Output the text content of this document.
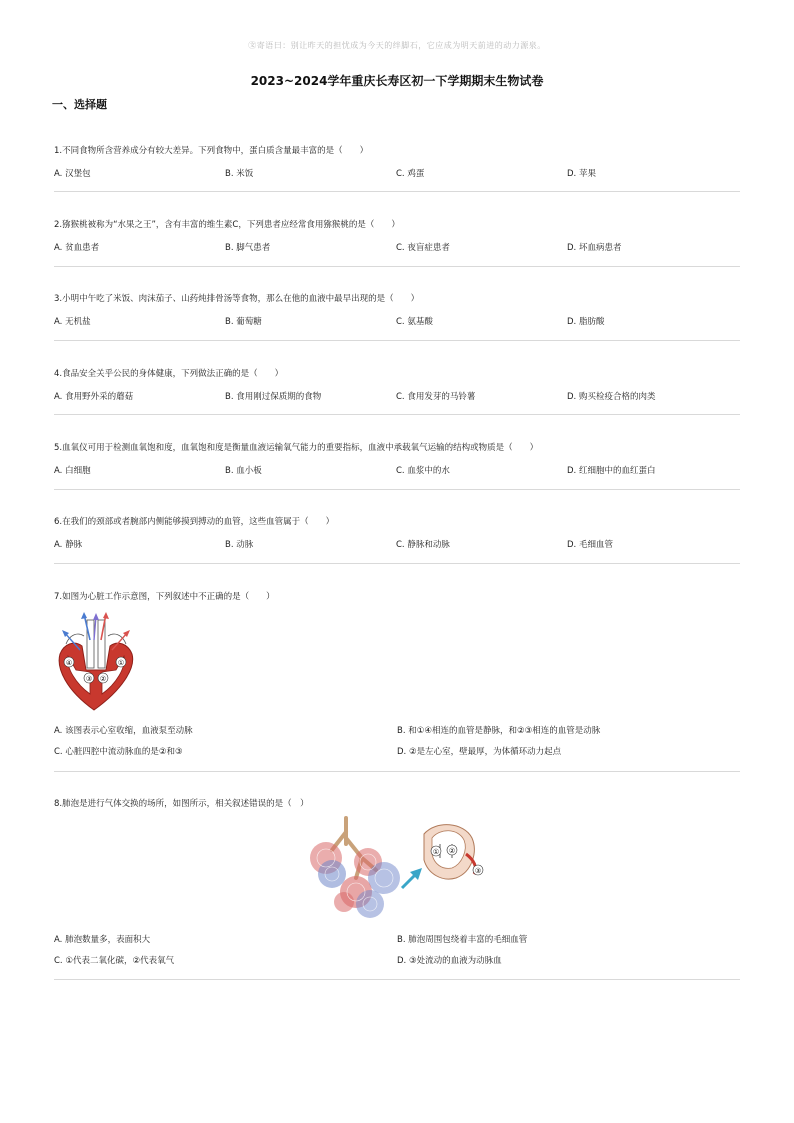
㉆寄语曰：别让昨天的担忧成为今天的绊脚石，它应成为明天前进的动力源泉。
2023~2024学年重庆长寿区初一下学期期末生物试卷
一、选择题
1.不同食物所含营养成分有较大差异。下列食物中，蛋白质含量最丰富的是（　　）
A. 汉堡包	B. 米饭	C. 鸡蛋	D. 苹果
2.猕猴桃被称为“水果之王”，含有丰富的维生素C，下列患者应经常食用猕猴桃的是（　　）
A. 贫血患者	B. 脚气患者	C. 夜盲症患者	D. 坏血病患者
3.小明中午吃了米饭、肉沫茄子、山药炖排骨汤等食物，那么在他的血液中最早出现的是（　　）
A. 无机盐	B. 葡萄糖	C. 氨基酸	D. 脂肪酸
4.食品安全关乎公民的身体健康，下列做法正确的是（　　）
A. 食用野外采的蘑菇	B. 食用刚过保质期的食物	C. 食用发芽的马铃薯	D. 购买检疫合格的肉类
5.血氧仪可用于检测血氧饱和度，血氧饱和度是衡量血液运输氧气能力的重要指标，血液中承载氧气运输的结构或物质是（　　）
A. 白细胞	B. 血小板	C. 血浆中的水	D. 红细胞中的血红蛋白
6.在我们的颈部或者腕部内侧能够摸到搏动的血管，这些血管属于（　　）
A. 静脉	B. 动脉	C. 静脉和动脉	D. 毛细血管
7.如图为心脏工作示意图，下列叙述中不正确的是（　　）
④	①
③ ②
A. 该图表示心室收缩，血液泵至动脉	B. 和①④相连的血管是静脉，和②③相连的血管是动脉
C. 心脏四腔中流动脉血的是②和③	D. ②是左心室，壁最厚，为体循环动力起点
8.肺泡是进行气体交换的场所，如图所示，相关叙述错误的是（　）
① ②
③
A. 肺泡数量多，表面积大	B. 肺泡周围包绕着丰富的毛细血管
C. ①代表二氧化碳，②代表氧气	D. ③处流动的血液为动脉血
